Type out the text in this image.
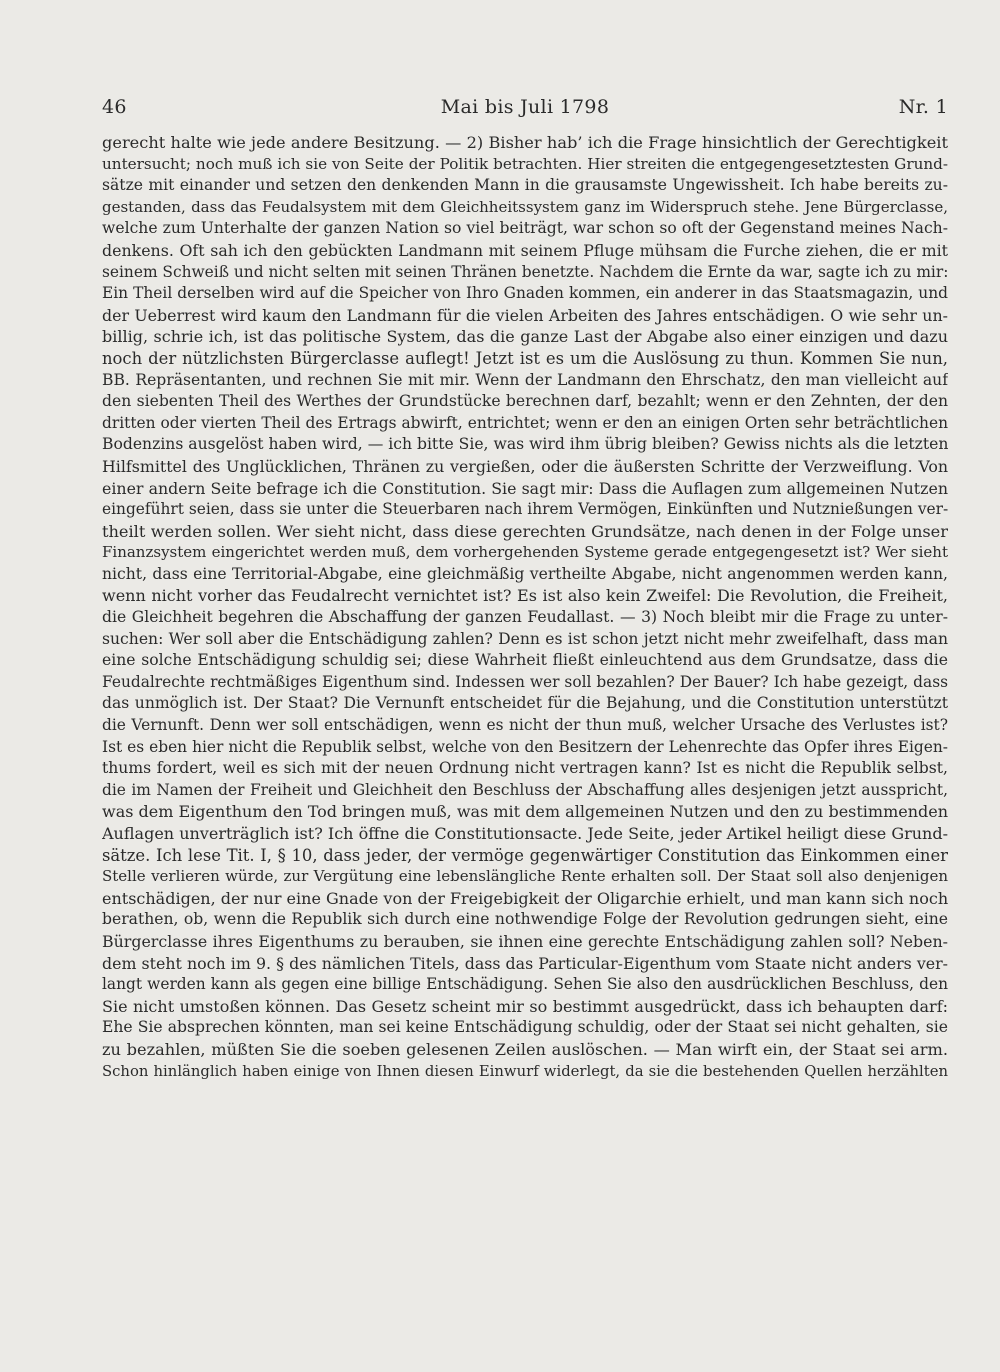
46	Mai bis Juli 1798	Nr. 1
gerecht halte wie jede andere Besitzung. — 2) Bisher hab’ ich die Frage hinsichtlich der Gerechtigkeit
untersucht; noch muß ich sie von Seite der Politik betrachten. Hier streiten die entgegengesetztesten Grund-
sätze mit einander und setzen den denkenden Mann in die grausamste Ungewissheit. Ich habe bereits zu-
gestanden, dass das Feudalsystem mit dem Gleichheitssystem ganz im Widerspruch stehe. Jene Bürgerclasse,
welche zum Unterhalte der ganzen Nation so viel beiträgt, war schon so oft der Gegenstand meines Nach-
denkens. Oft sah ich den gebückten Landmann mit seinem Pfluge mühsam die Furche ziehen, die er mit
seinem Schweiß und nicht selten mit seinen Thränen benetzte. Nachdem die Ernte da war, sagte ich zu mir:
Ein Theil derselben wird auf die Speicher von Ihro Gnaden kommen, ein anderer in das Staatsmagazin, und
der Ueberrest wird kaum den Landmann für die vielen Arbeiten des Jahres entschädigen. O wie sehr un-
billig, schrie ich, ist das politische System, das die ganze Last der Abgabe also einer einzigen und dazu
noch der nützlichsten Bürgerclasse auflegt! Jetzt ist es um die Auslösung zu thun. Kommen Sie nun,
BB. Repräsentanten, und rechnen Sie mit mir. Wenn der Landmann den Ehrschatz, den man vielleicht auf
den siebenten Theil des Werthes der Grundstücke berechnen darf, bezahlt; wenn er den Zehnten, der den
dritten oder vierten Theil des Ertrags abwirft, entrichtet; wenn er den an einigen Orten sehr beträchtlichen
Bodenzins ausgelöst haben wird, — ich bitte Sie, was wird ihm übrig bleiben? Gewiss nichts als die letzten
Hilfsmittel des Unglücklichen, Thränen zu vergießen, oder die äußersten Schritte der Verzweiflung. Von
einer andern Seite befrage ich die Constitution. Sie sagt mir: Dass die Auflagen zum allgemeinen Nutzen
eingeführt seien, dass sie unter die Steuerbaren nach ihrem Vermögen, Einkünften und Nutznießungen ver-
theilt werden sollen. Wer sieht nicht, dass diese gerechten Grundsätze, nach denen in der Folge unser
Finanzsystem eingerichtet werden muß, dem vorhergehenden Systeme gerade entgegengesetzt ist? Wer sieht
nicht, dass eine Territorial-Abgabe, eine gleichmäßig vertheilte Abgabe, nicht angenommen werden kann,
wenn nicht vorher das Feudalrecht vernichtet ist? Es ist also kein Zweifel: Die Revolution, die Freiheit,
die Gleichheit begehren die Abschaffung der ganzen Feudallast. — 3) Noch bleibt mir die Frage zu unter-
suchen: Wer soll aber die Entschädigung zahlen? Denn es ist schon jetzt nicht mehr zweifelhaft, dass man
eine solche Entschädigung schuldig sei; diese Wahrheit fließt einleuchtend aus dem Grundsatze, dass die
Feudalrechte rechtmäßiges Eigenthum sind. Indessen wer soll bezahlen? Der Bauer? Ich habe gezeigt, dass
das unmöglich ist. Der Staat? Die Vernunft entscheidet für die Bejahung, und die Constitution unterstützt
die Vernunft. Denn wer soll entschädigen, wenn es nicht der thun muß, welcher Ursache des Verlustes ist?
Ist es eben hier nicht die Republik selbst, welche von den Besitzern der Lehenrechte das Opfer ihres Eigen-
thums fordert, weil es sich mit der neuen Ordnung nicht vertragen kann? Ist es nicht die Republik selbst,
die im Namen der Freiheit und Gleichheit den Beschluss der Abschaffung alles desjenigen jetzt ausspricht,
was dem Eigenthum den Tod bringen muß, was mit dem allgemeinen Nutzen und den zu bestimmenden
Auflagen unverträglich ist? Ich öffne die Constitutionsacte. Jede Seite, jeder Artikel heiligt diese Grund-
sätze. Ich lese Tit. I, § 10, dass jeder, der vermöge gegenwärtiger Constitution das Einkommen einer
Stelle verlieren würde, zur Vergütung eine lebenslängliche Rente erhalten soll. Der Staat soll also denjenigen
entschädigen, der nur eine Gnade von der Freigebigkeit der Oligarchie erhielt, und man kann sich noch
berathen, ob, wenn die Republik sich durch eine nothwendige Folge der Revolution gedrungen sieht, eine
Bürgerclasse ihres Eigenthums zu berauben, sie ihnen eine gerechte Entschädigung zahlen soll? Neben-
dem steht noch im 9. § des nämlichen Titels, dass das Particular-Eigenthum vom Staate nicht anders ver-
langt werden kann als gegen eine billige Entschädigung. Sehen Sie also den ausdrücklichen Beschluss, den
Sie nicht umstoßen können. Das Gesetz scheint mir so bestimmt ausgedrückt, dass ich behaupten darf:
Ehe Sie absprechen könnten, man sei keine Entschädigung schuldig, oder der Staat sei nicht gehalten, sie
zu bezahlen, müßten Sie die soeben gelesenen Zeilen auslöschen. — Man wirft ein, der Staat sei arm.
Schon hinlänglich haben einige von Ihnen diesen Einwurf widerlegt, da sie die bestehenden Quellen herzählten
